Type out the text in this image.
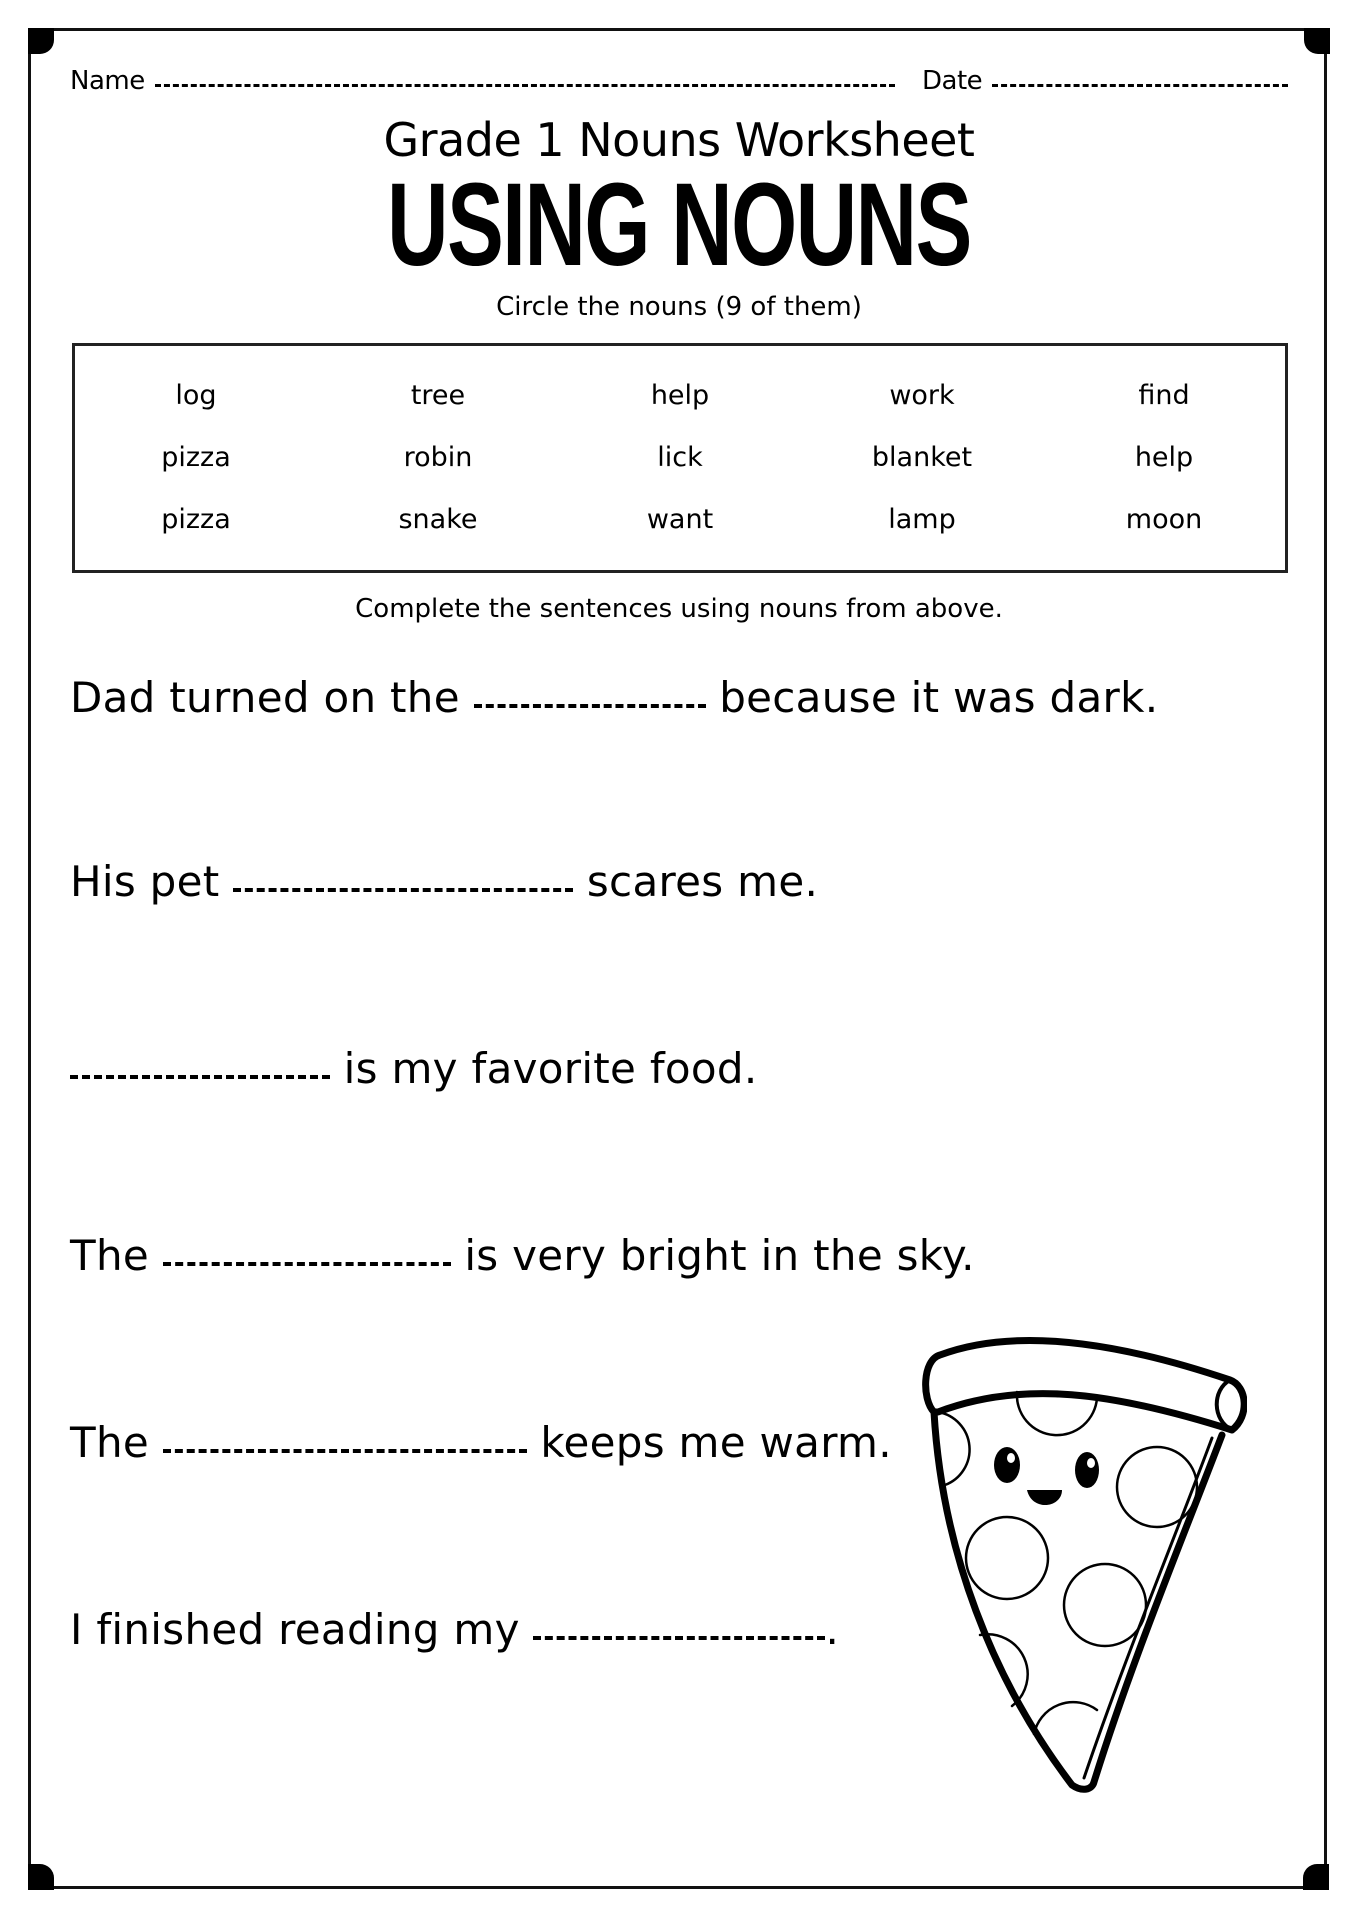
Name	Date
Grade 1 Nouns Worksheet
USING NOUNS
Circle the nouns (9 of them)
log	tree	help	work	find
pizza	robin	lick	blanket	help
pizza	snake	want	lamp	moon
Complete the sentences using nouns from above.
Dad turned on the	because it was dark.
His pet	scares me.
is my favorite food.
The	is very bright in the sky.
The	keeps me warm.
I finished reading my	.
